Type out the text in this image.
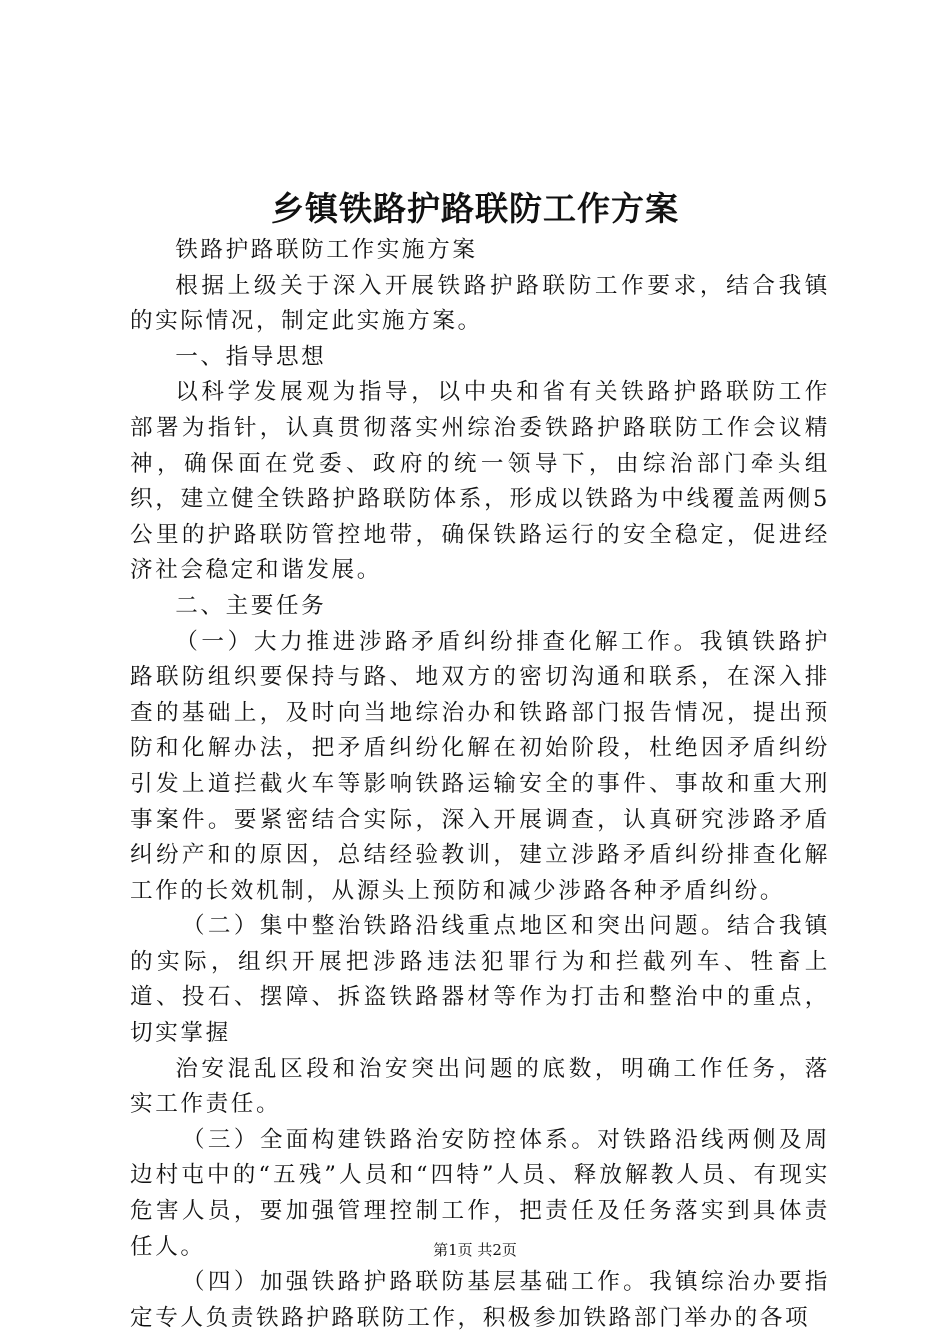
乡镇铁路护路联防工作方案

铁路护路联防工作实施方案

根据上级关于深入开展铁路护路联防工作要求，结合我镇的实际情况，制定此实施方案。

一、指导思想

以科学发展观为指导，以中央和省有关铁路护路联防工作部署为指针，认真贯彻落实州综治委铁路护路联防工作会议精神，确保面在党委、政府的统一领导下，由综治部门牵头组织，建立健全铁路护路联防体系，形成以铁路为中线覆盖两侧5公里的护路联防管控地带，确保铁路运行的安全稳定，促进经济社会稳定和谐发展。

二、主要任务

（一）大力推进涉路矛盾纠纷排查化解工作。我镇铁路护路联防组织要保持与路、地双方的密切沟通和联系，在深入排查的基础上，及时向当地综治办和铁路部门报告情况，提出预防和化解办法，把矛盾纠纷化解在初始阶段，杜绝因矛盾纠纷引发上道拦截火车等影响铁路运输安全的事件、事故和重大刑事案件。要紧密结合实际，深入开展调查，认真研究涉路矛盾纠纷产和的原因，总结经验教训，建立涉路矛盾纠纷排查化解工作的长效机制，从源头上预防和减少涉路各种矛盾纠纷。

（二）集中整治铁路沿线重点地区和突出问题。结合我镇的实际，组织开展把涉路违法犯罪行为和拦截列车、牲畜上道、投石、摆障、拆盗铁路器材等作为打击和整治中的重点，切实掌握

治安混乱区段和治安突出问题的底数，明确工作任务，落实工作责任。

（三）全面构建铁路治安防控体系。对铁路沿线两侧及周边村屯中的“五残”人员和“四特”人员、释放解教人员、有现实危害人员，要加强管理控制工作，把责任及任务落实到具体责任人。

（四）加强铁路护路联防基层基础工作。我镇综治办要指定专人负责铁路护路联防工作，积极参加铁路部门举办的各项

第1页 共2页
